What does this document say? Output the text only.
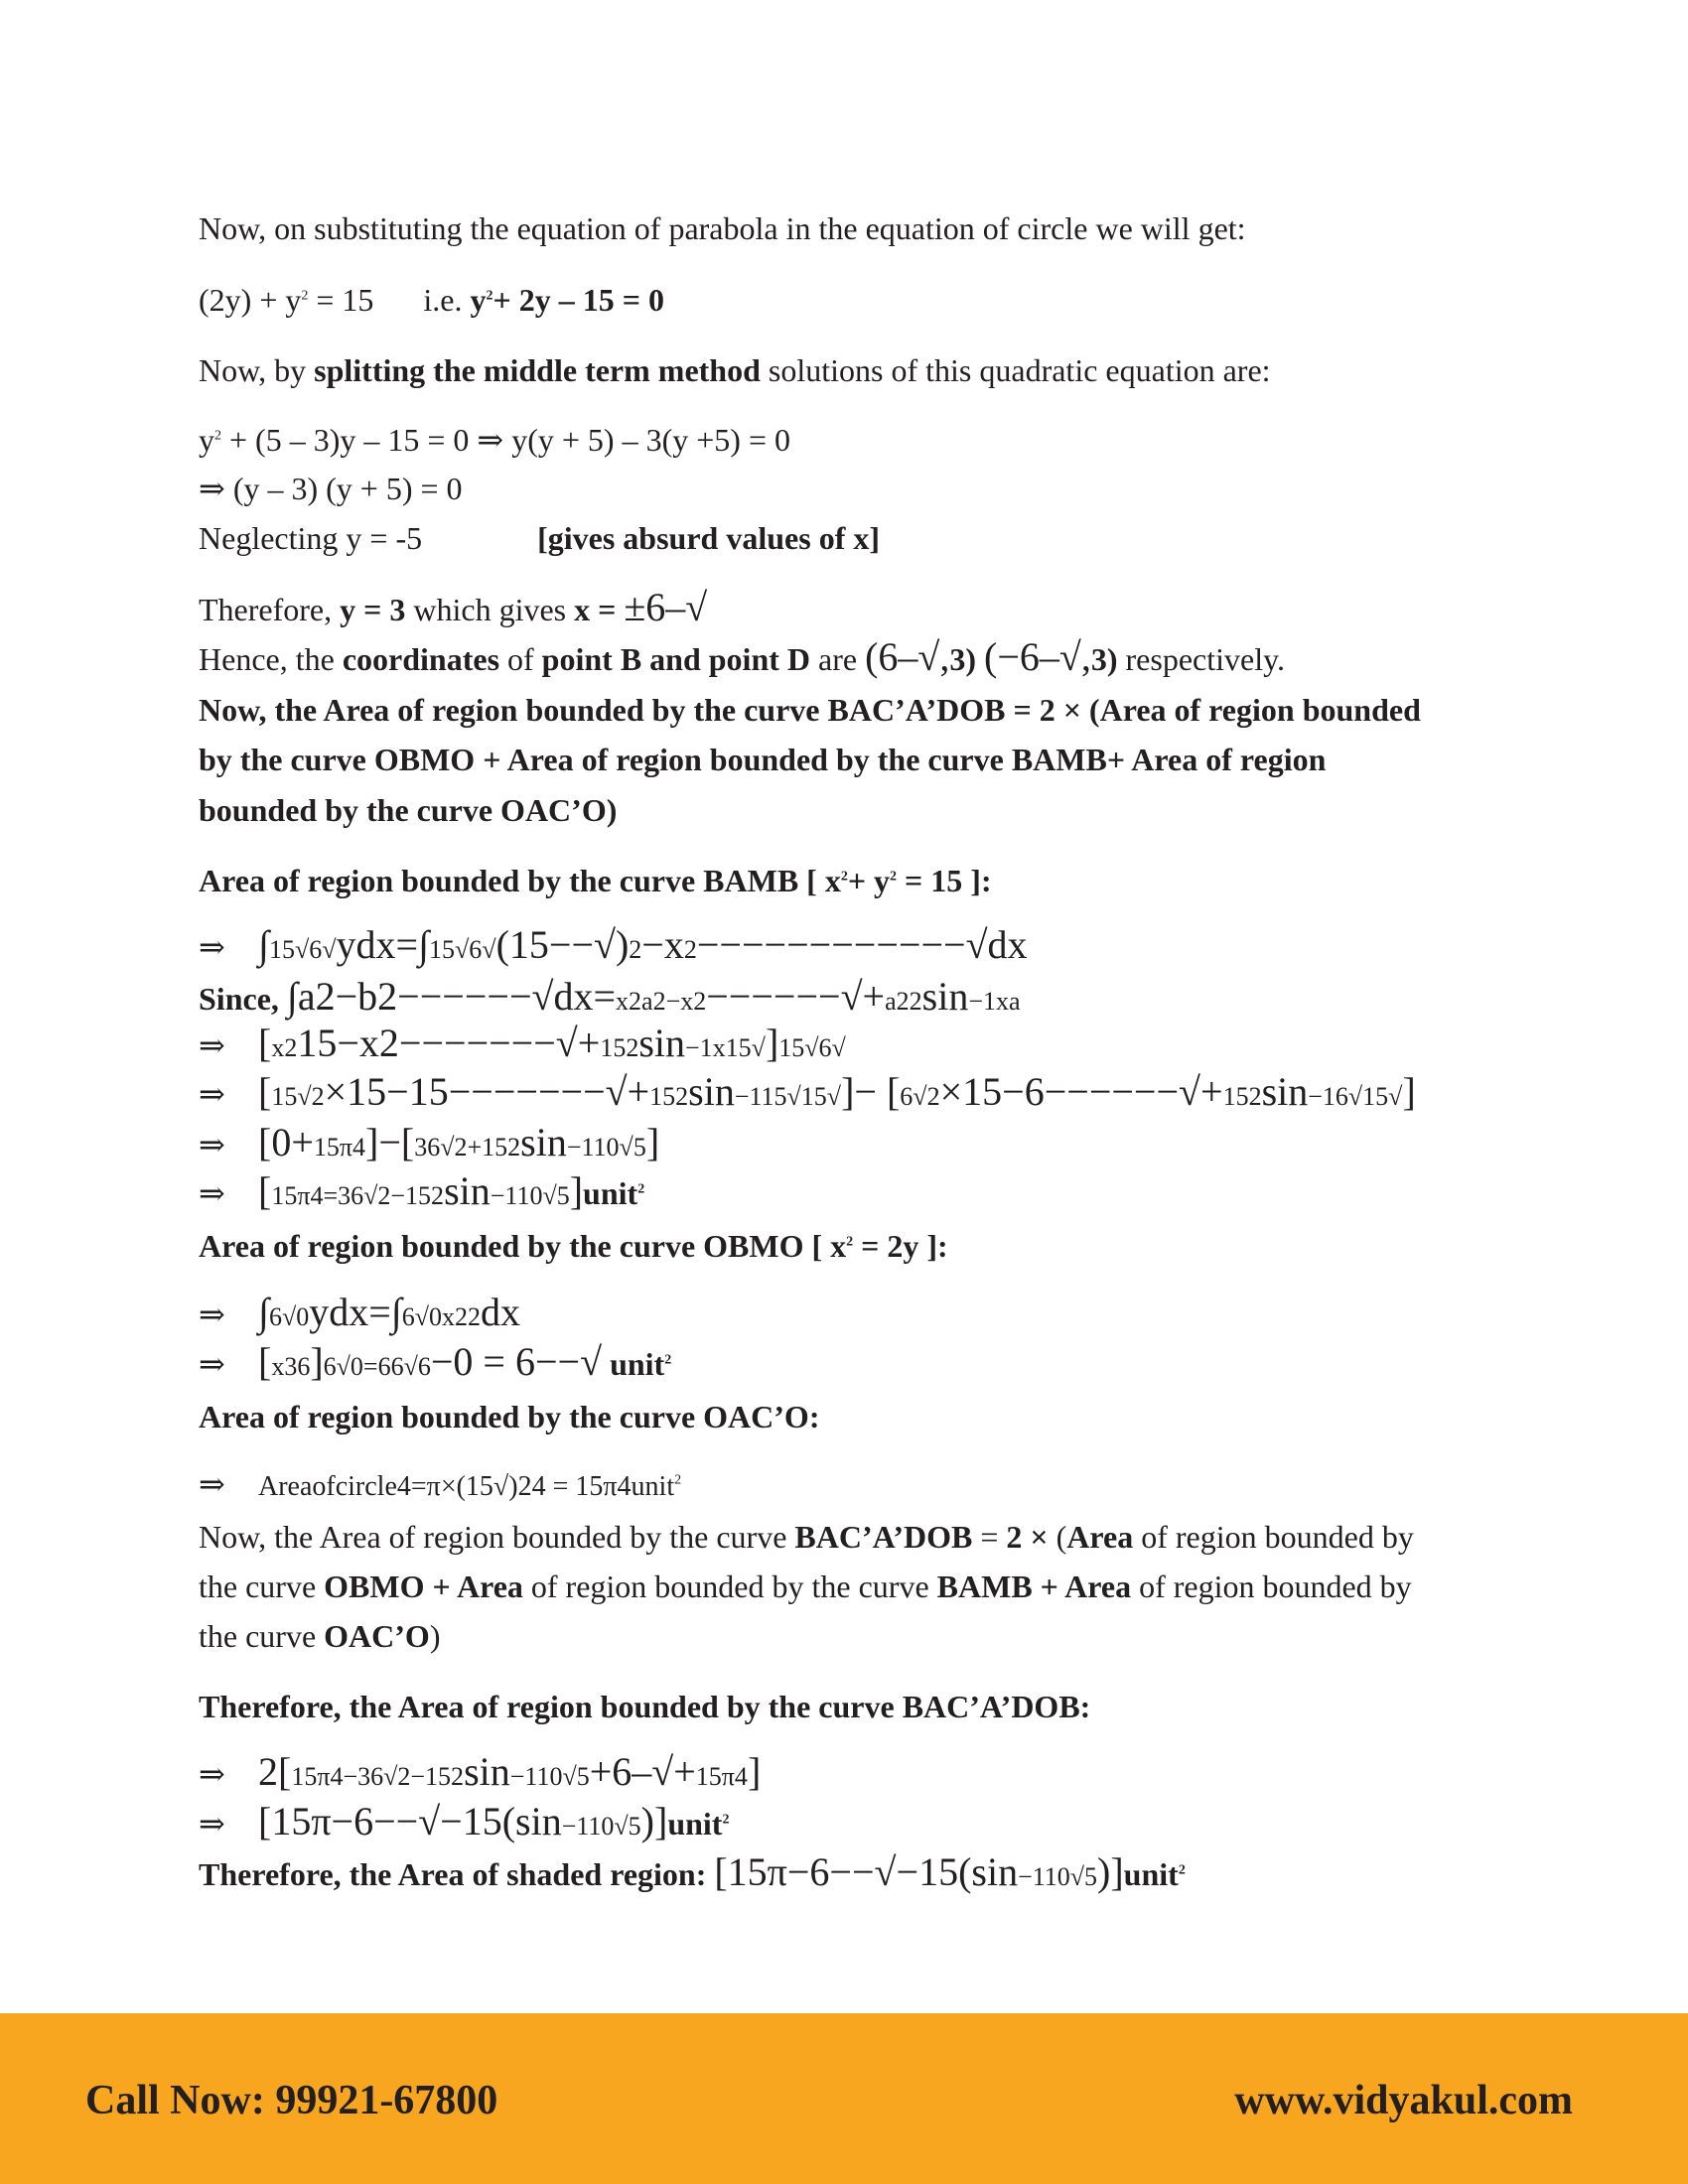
Now, on substituting the equation of parabola in the equation of circle we will get:
$(2y) + y^2 = 15$ i.e. $y^2+ 2y - 15 = 0$
Now, by splitting the middle term method solutions of this quadratic equation are:
$y^2 + (5 - 3)y - 15 = 0$ ⇒ y(y + 5) – 3(y +5) = 0
⇒ (y – 3) (y + 5) = 0
Neglecting y = -5	[gives absurd values of x]
Therefore, y = 3 which gives x = ±6–√
Hence, the coordinates of point B and point D are (6–√,3) (−6–√,3) respectively.
Now, the Area of region bounded by the curve BAC’A’DOB = 2 × (Area of region bounded
by the curve OBMO + Area of region bounded by the curve BAMB+ Area of region
bounded by the curve OAC’O)
Area of region bounded by the curve BAMB [ $x^2+ y^2 = 15$ ]:
⇒ ∫15√6√ydx=∫15√6√(15−−√)2−x2−−−−−−−−−−−−√dx
Since, ∫a2−b2−−−−−−√dx=x2a2−x2−−−−−−√+a22sin−1xa
⇒ [x215−x2−−−−−−−√+152sin−1x15√]15√6√
⇒ [15√2×15−15−−−−−−−√+152sin−115√15√]− [6√2×15−6−−−−−−√+152sin−16√15√]
⇒ [0+15π4]−[36√2+152sin−110√5]
⇒ [15π4=36√2−152sin−110√5]unit$^2$
Area of region bounded by the curve OBMO [ $x^2 = 2y$ ]:
⇒ ∫6√0ydx=∫6√0x22dx
⇒ [x36]6√0=66√6−0 = 6−−√ unit$^2$
Area of region bounded by the curve OAC’O:
⇒ Areaofcircle4=π×(15√)24 = 15π4unit$^2$
Now, the Area of region bounded by the curve BAC’A’DOB = 2 × (Area of region bounded by
the curve OBMO + Area of region bounded by the curve BAMB + Area of region bounded by
the curve OAC’O)
Therefore, the Area of region bounded by the curve BAC’A’DOB:
⇒ 2[15π4−36√2−152sin−110√5+6–√+15π4]
⇒ [15π−6−−√−15(sin−110√5)]unit$^2$
Therefore, the Area of shaded region: [15π−6−−√−15(sin−110√5)]unit$^2$
Call Now: 99921-67800	www.vidyakul.com
